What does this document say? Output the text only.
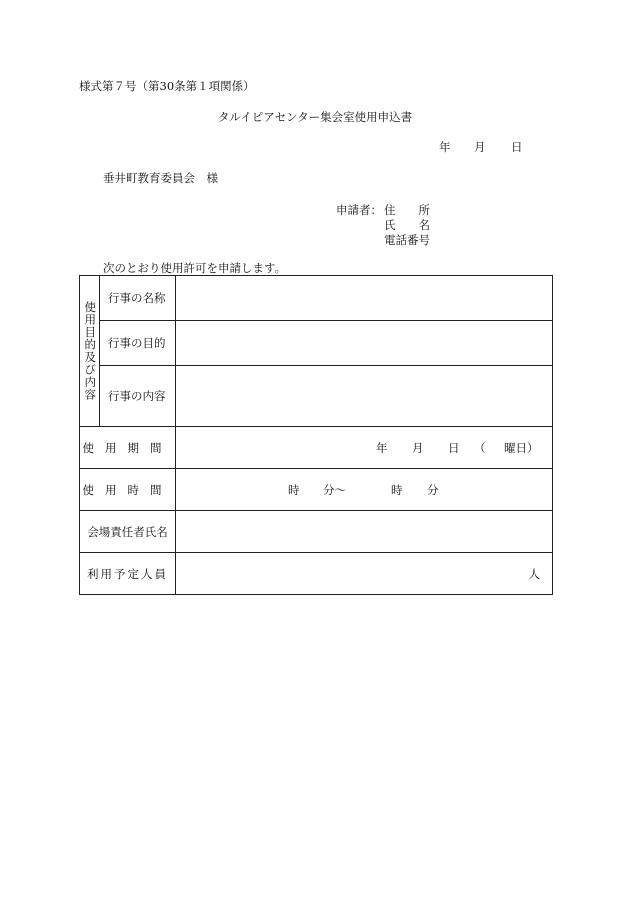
様式第７号（第30条第１項関係）
タルイピアセンター集会室使用申込書
年 月 日
垂井町教育委員会　様
申請者： 住　　所
氏　　名
電話番号
次のとおり使用許可を申請します。
使用目的及び内容	行事の名称	
	行事の目的	
	行事の内容	
使用期間		年 月 日 （ 曜日）

使用時間		時 分～ 時 分

会場責任者氏名		
利用予定人員		人
